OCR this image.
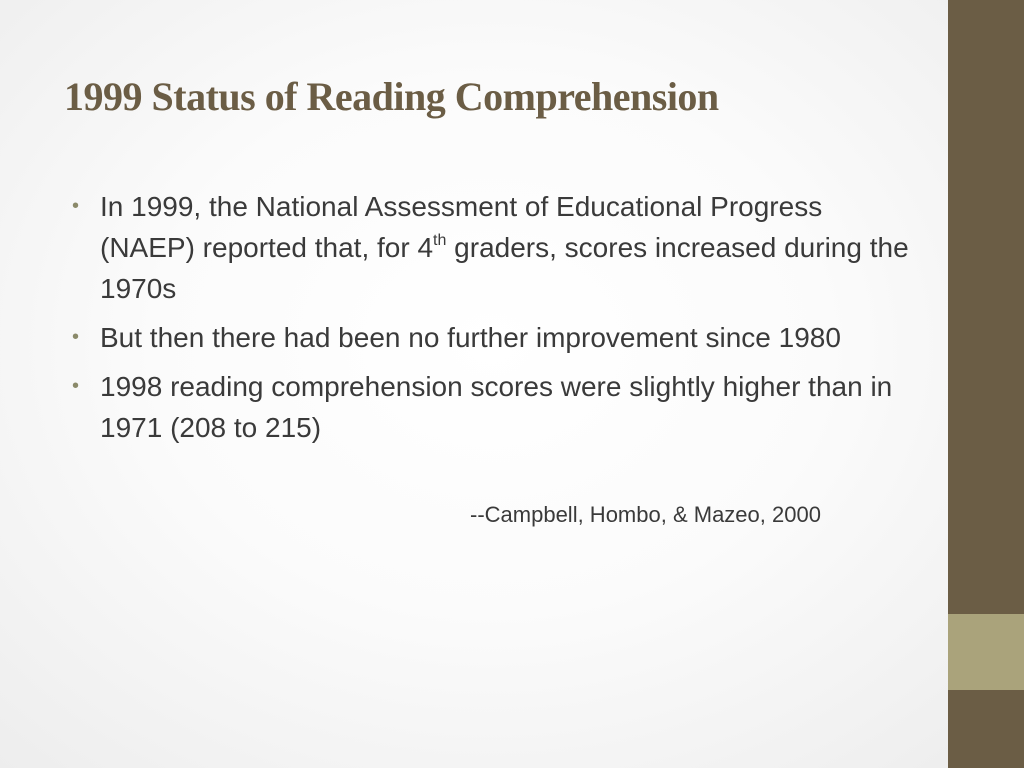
1999 Status of Reading Comprehension
• In 1999, the National Assessment of Educational Progress (NAEP) reported that, for 4th graders, scores increased during the 1970s
• But then there had been no further improvement since 1980
• 1998 reading comprehension scores were slightly higher than in 1971 (208 to 215)

--Campbell, Hombo, & Mazeo, 2000
